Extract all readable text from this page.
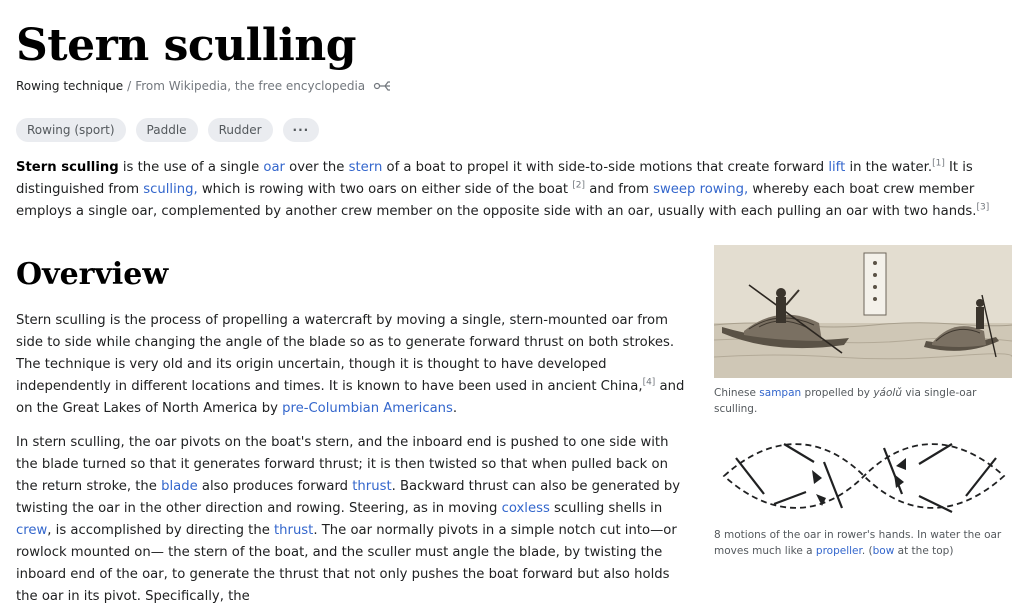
Stern sculling
Rowing technique / From Wikipedia, the free encyclopedia
Rowing (sport)	Paddle	Rudder	···

Stern sculling is the use of a single oar over the stern of a boat to propel it with side-to-side motions that create forward lift in the water.[1] It is distinguished from sculling, which is rowing with two oars on either side of the boat [2] and from sweep rowing, whereby each boat crew member employs a single oar, complemented by another crew member on the opposite side with an oar, usually with each pulling an oar with two hands.[3]

Overview

Stern sculling is the process of propelling a watercraft by moving a single, stern-mounted oar from side to side while changing the angle of the blade so as to generate forward thrust on both strokes. The technique is very old and its origin uncertain, though it is thought to have developed independently in different locations and times. It is known to have been used in ancient China,[4] and on the Great Lakes of North America by pre-Columbian Americans.

In stern sculling, the oar pivots on the boat's stern, and the inboard end is pushed to one side with the blade turned so that it generates forward thrust; it is then twisted so that when pulled back on the return stroke, the blade also produces forward thrust. Backward thrust can also be generated by twisting the oar in the other direction and rowing. Steering, as in moving coxless sculling shells in crew, is accomplished by directing the thrust. The oar normally pivots in a simple notch cut into—or rowlock mounted on— the stern of the boat, and the sculler must angle the blade, by twisting the inboard end of the oar, to generate the thrust that not only pushes the boat forward but also holds the oar in its pivot. Specifically, the

Chinese sampan propelled by yáolǔ via single-oar sculling.
8 motions of the oar in rower's hands. In water the oar moves much like a propeller. (bow at the top)
